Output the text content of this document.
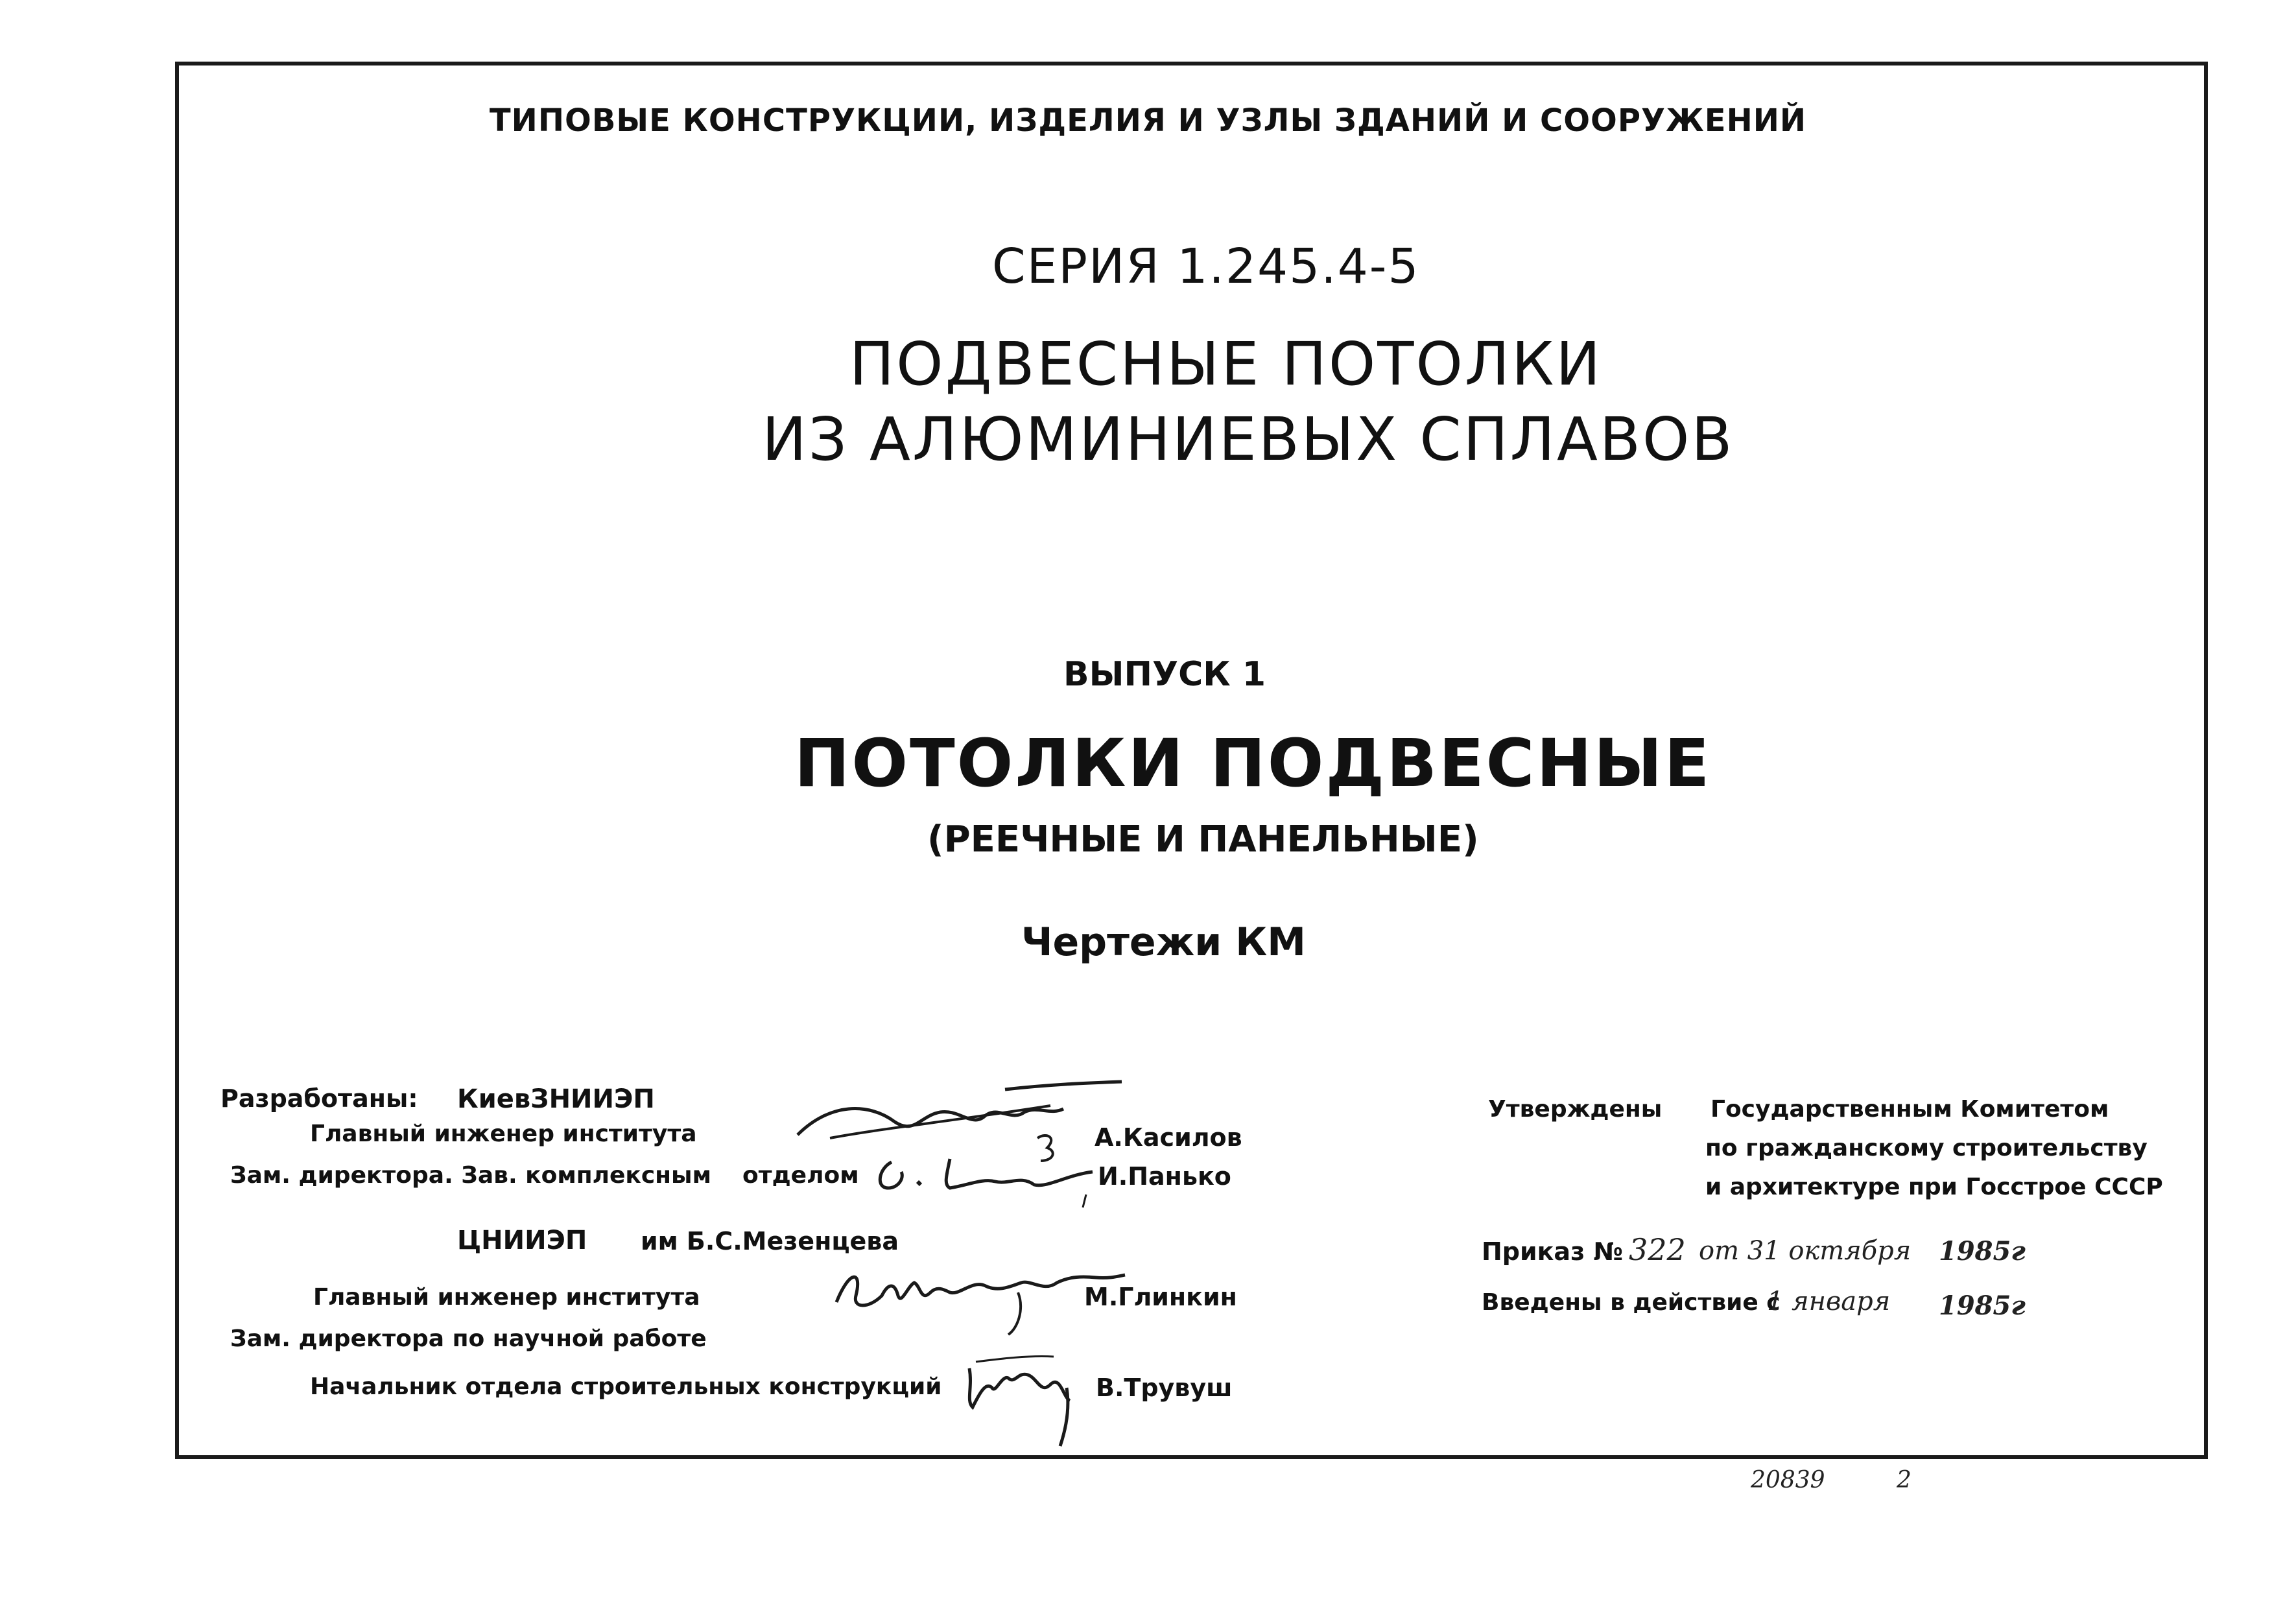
ТИПОВЫЕ КОНСТРУКЦИИ, ИЗДЕЛИЯ И УЗЛЫ ЗДАНИЙ И СООРУЖЕНИЙ
СЕРИЯ 1.245.4-5
ПОДВЕСНЫЕ ПОТОЛКИ
ИЗ АЛЮМИНИЕВЫХ СПЛАВОВ
ВЫПУСК 1
ПОТОЛКИ ПОДВЕСНЫЕ
(РЕЕЧНЫЕ И ПАНЕЛЬНЫЕ)
Чертежи КМ
Разработаны: КиевЗНИИЭП
Главный инженер института	А.Касилов
Зам. директора. Зав. комплексным отделом	И.Панько
ЦНИИЭП им Б.С.Мезенцева
Главный инженер института	М.Глинкин
Зам. директора по научной работе
Начальник отдела строительных конструкций	В.Трувуш
Утверждены Государственным Комитетом
по гражданскому строительству
и архитектуре при Госстрое СССР
Приказ № 322 от 31 октября 1985г
Введены в действие с
1 января 1985г
20839	2
